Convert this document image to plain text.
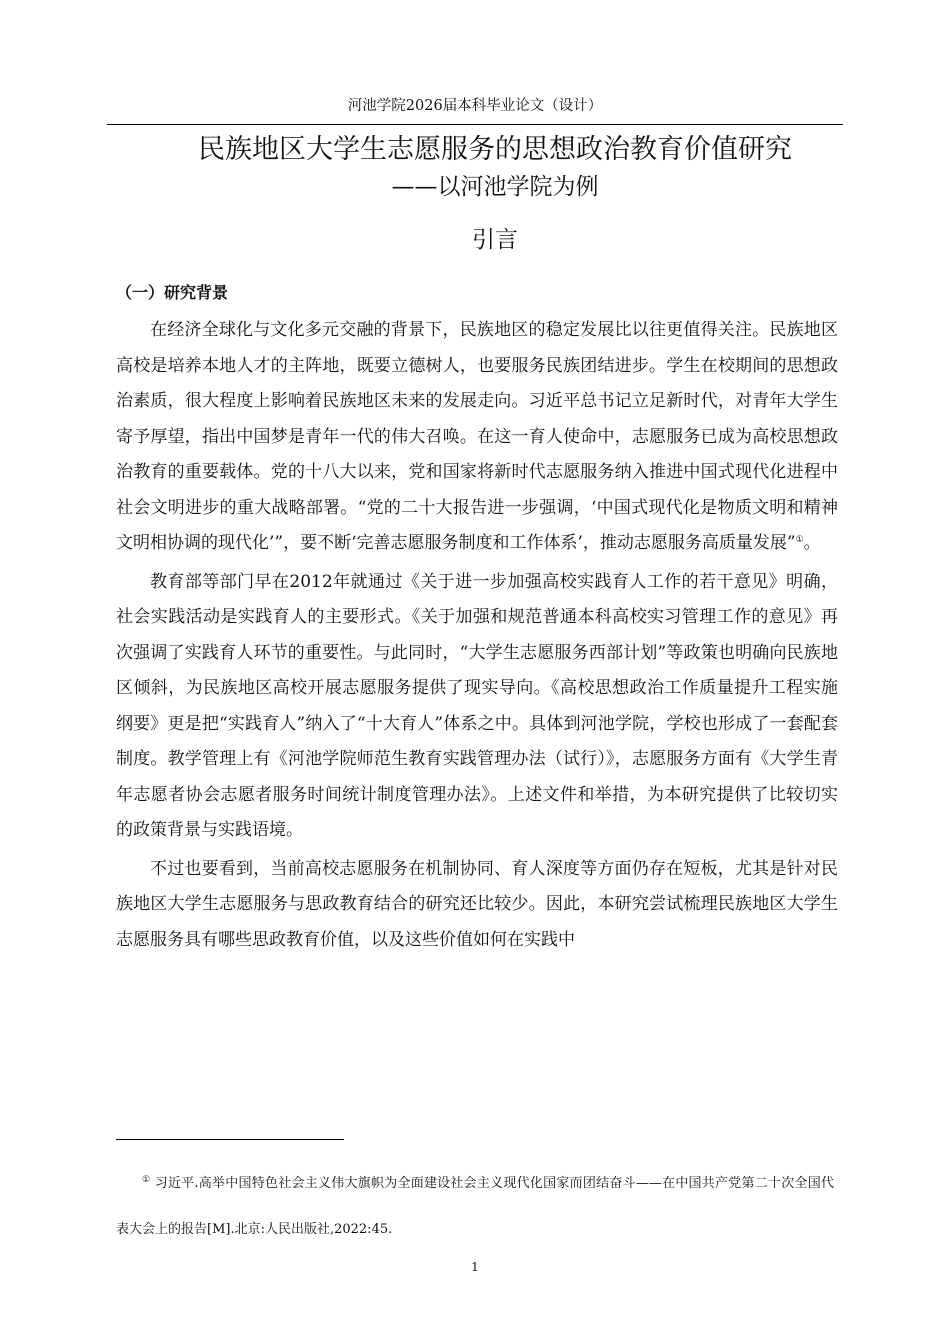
河池学院2026届本科毕业论文（设计）
民族地区大学生志愿服务的思想政治教育价值研究
——以河池学院为例
引言
（一）研究背景

在经济全球化与文化多元交融的背景下，民族地区的稳定发展比以往更值得关注。民族地区高校是培养本地人才的主阵地，既要立德树人，也要服务民族团结进步。学生在校期间的思想政治素质，很大程度上影响着民族地区未来的发展走向。习近平总书记立足新时代，对青年大学生寄予厚望，指出中国梦是青年一代的伟大召唤。在这一育人使命中，志愿服务已成为高校思想政治教育的重要载体。党的十八大以来，党和国家将新时代志愿服务纳入推进中国式现代化进程中社会文明进步的重大战略部署。“党的二十大报告进一步强调，‘中国式现代化是物质文明和精神文明相协调的现代化’”，要不断‘完善志愿服务制度和工作体系’，推动志愿服务高质量发展”①。

教育部等部门早在2012年就通过《关于进一步加强高校实践育人工作的若干意见》明确，社会实践活动是实践育人的主要形式。《关于加强和规范普通本科高校实习管理工作的意见》再次强调了实践育人环节的重要性。与此同时，“大学生志愿服务西部计划”等政策也明确向民族地区倾斜，为民族地区高校开展志愿服务提供了现实导向。《高校思想政治工作质量提升工程实施纲要》更是把“实践育人”纳入了“十大育人”体系之中。具体到河池学院，学校也形成了一套配套制度。教学管理上有《河池学院师范生教育实践管理办法（试行）》，志愿服务方面有《大学生青年志愿者协会志愿者服务时间统计制度管理办法》。上述文件和举措，为本研究提供了比较切实的政策背景与实践语境。

不过也要看到，当前高校志愿服务在机制协同、育人深度等方面仍存在短板，尤其是针对民族地区大学生志愿服务与思政教育结合的研究还比较少。因此，本研究尝试梳理民族地区大学生志愿服务具有哪些思政教育价值，以及这些价值如何在实践中

① 习近平.高举中国特色社会主义伟大旗帜为全面建设社会主义现代化国家而团结奋斗——在中国共产党第二十次全国代表大会上的报告[M].北京:人民出版社,2022:45.
1
